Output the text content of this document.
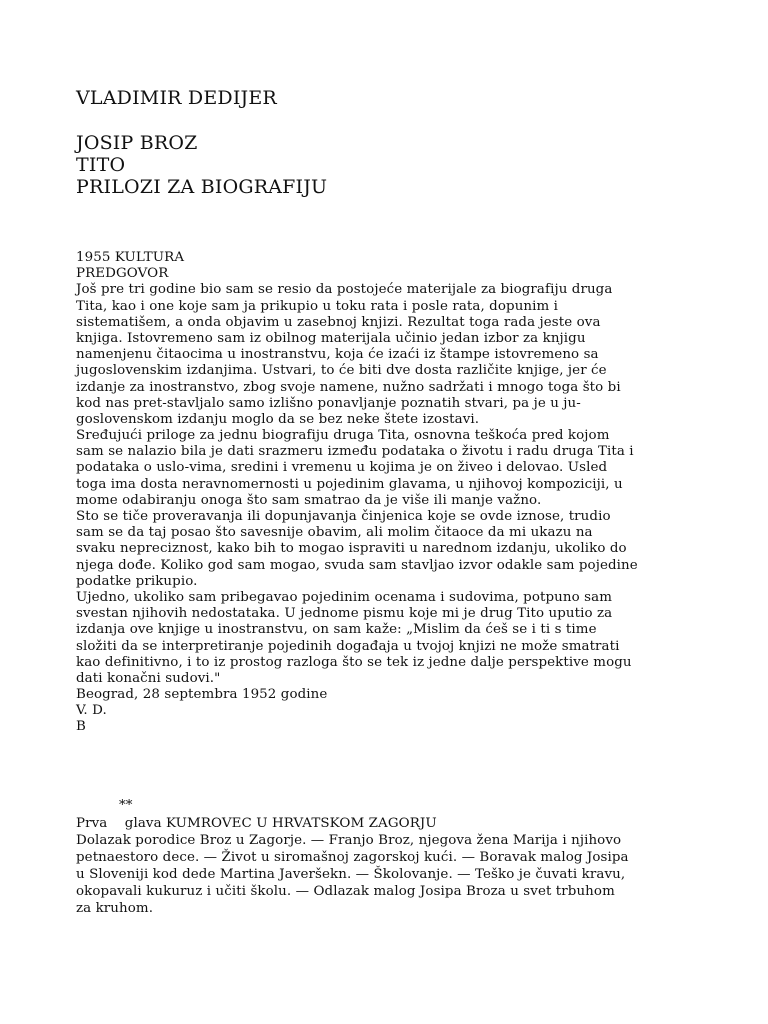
VLADIMIR DEDIJER
JOSIP BROZ
TITO
PRILOZI ZA BIOGRAFIJU
1955 KULTURA
PREDGOVOR
Još pre tri godine bio sam se resio da postojeće materijale za biografiju druga
Tita, kao i one koje sam ja prikupio u toku rata i posle rata, dopunim i
sistematišem, a onda objavim u zasebnoj knjizi. Rezultat toga rada jeste ova
knjiga. Istovremeno sam iz obilnog materijala učinio jedan izbor za knjigu
namenjenu čitaocima u inostranstvu, koja će izaći iz štampe istovremeno sa
jugoslovenskim izdanjima. Ustvari, to će biti dve dosta različite knjige, jer će
izdanje za inostranstvo, zbog svoje namene, nužno sadržati i mnogo toga što bi
kod nas pret-stavljalo samo izlišno ponavljanje poznatih stvari, pa je u ju-
goslovenskom izdanju moglo da se bez neke štete izostavi.
Sređujući priloge za jednu biografiju druga Tita, osnovna teškoća pred kojom
sam se nalazio bila je dati srazmeru između podataka o životu i radu druga Tita i
podataka o uslo-vima, sredini i vremenu u kojima je on živeo i delovao. Usled
toga ima dosta neravnomernosti u pojedinim glavama, u njihovoj kompoziciji, u
mome odabiranju onoga što sam smatrao da je više ili manje važno.
Sto se tiče proveravanja ili dopunjavanja činjenica koje se ovde iznose, trudio
sam se da taj posao što savesnije obavim, ali molim čitaoce da mi ukazu na
svaku nepreciznost, kako bih to mogao ispraviti u narednom izdanju, ukoliko do
njega dođe. Koliko god sam mogao, svuda sam stavljao izvor odakle sam pojedine
podatke prikupio.
Ujedno, ukoliko sam pribegavao pojedinim ocenama i sudovima, potpuno sam
svestan njihovih nedostataka. U jednome pismu koje mi je drug Tito uputio za
izdanja ove knjige u inostranstvu, on sam kaže: „Mislim da ćeš se i ti s time
složiti da se interpretiranje pojedinih događaja u tvojoj knjizi ne može smatrati
kao definitivno, i to iz prostog razloga što se tek iz jedne dalje perspektive mogu
dati konačni sudovi."
Beograd, 28 septembra 1952 godine
V. D.
B
**
Prva    glava KUMROVEC U HRVATSKOM ZAGORJU
Dolazak porodice Broz u Zagorje. — Franjo Broz, njegova žena Marija i njihovo
petnaestoro dece. — Život u siromašnoj zagorskoj kući. — Boravak malog Josipa
u Sloveniji kod dede Martina Javeršekn. — Školovanje. — Teško je čuvati kravu,
okopavali kukuruz i učiti školu. — Odlazak malog Josipa Broza u svet trbuhom
za kruhom.
